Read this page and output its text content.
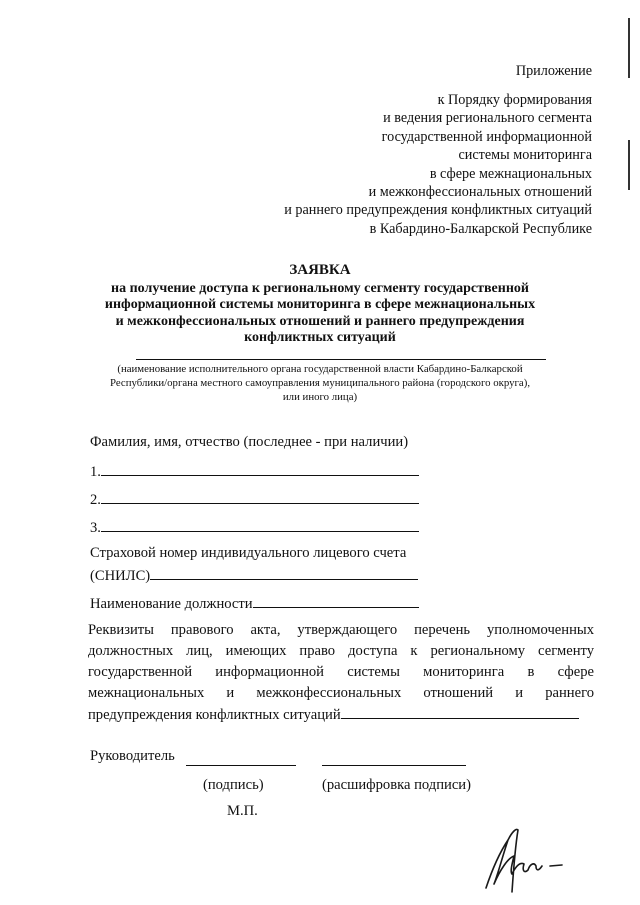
Приложение
к Порядку формирования
и ведения регионального сегмента
государственной информационной
системы мониторинга
в сфере межнациональных
и межконфессиональных отношений
и раннего предупреждения конфликтных ситуаций
в Кабардино-Балкарской Республике
ЗАЯВКА
на получение доступа к региональному сегменту государственной
информационной системы мониторинга в сфере межнациональных
и межконфессиональных отношений и раннего предупреждения
конфликтных ситуаций
(наименование исполнительного органа государственной власти Кабардино-Балкарской
Республики/органа местного самоуправления муниципального района (городского округа),
или иного лица)
Фамилия, имя, отчество (последнее - при наличии)
1.
2.
3.
Страховой номер индивидуального лицевого счета
(СНИЛС)
Наименование должности
Реквизиты правового акта, утверждающего перечень уполномоченных
должностных лиц, имеющих право доступа к региональному сегменту
государственной информационной системы мониторинга в сфере
межнациональных и межконфессиональных отношений и раннего
предупреждения конфликтных ситуаций
Руководитель
(подпись)	(расшифровка подписи)
М.П.
